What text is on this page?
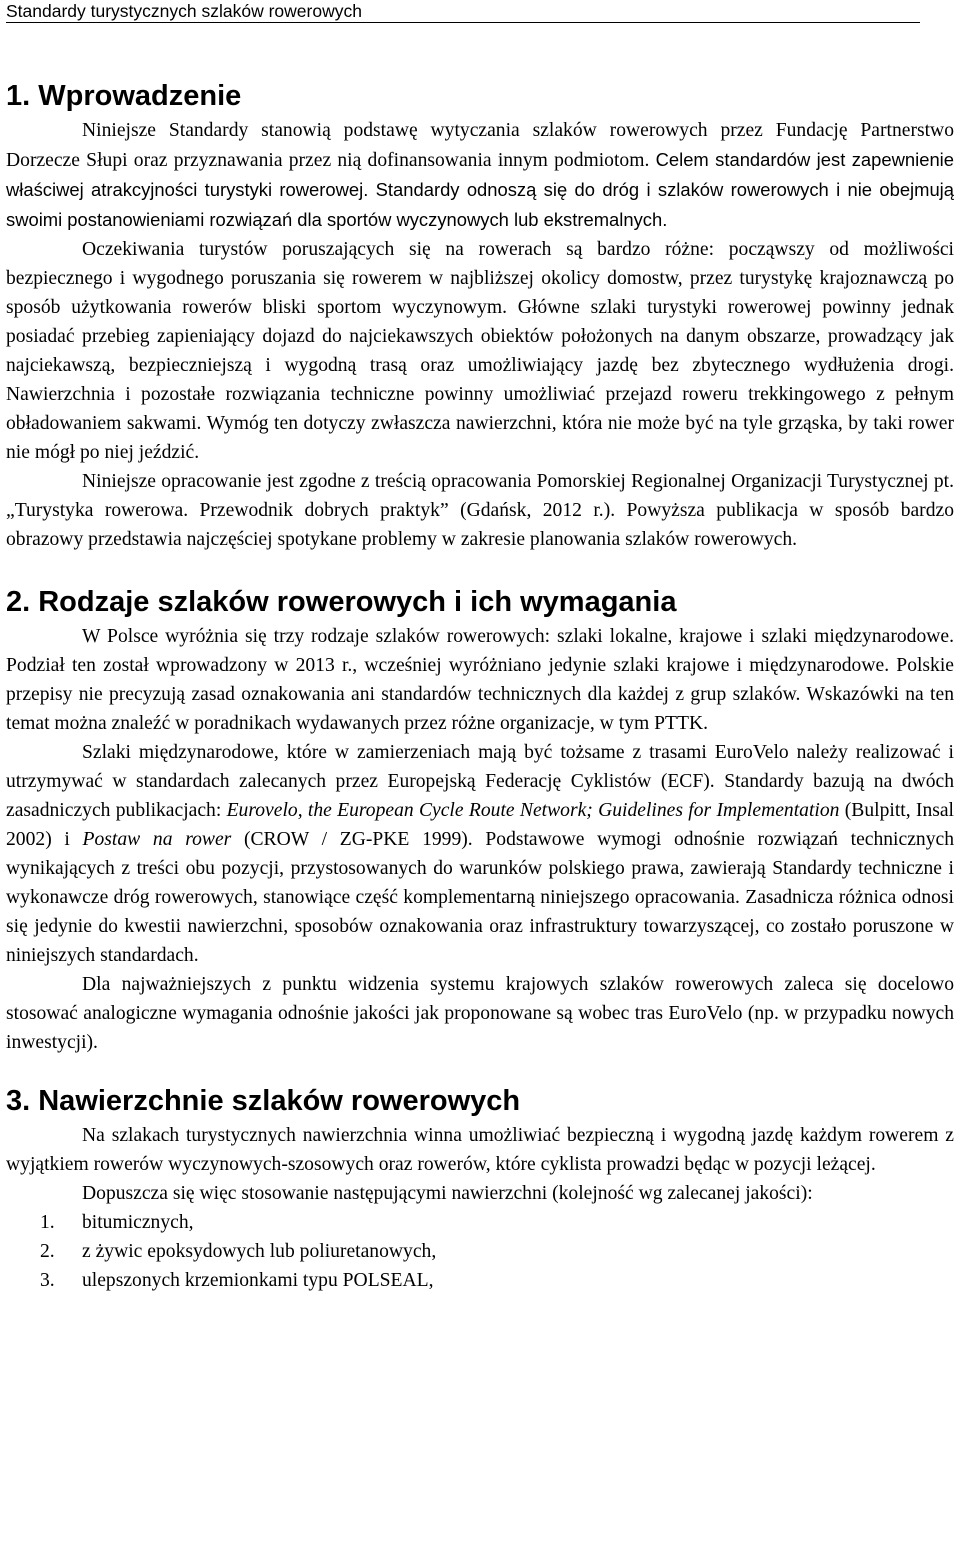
Standardy turystycznych szlaków rowerowych
1. Wprowadzenie

Niniejsze Standardy stanowią podstawę wytyczania szlaków rowerowych przez Fundację Partnerstwo Dorzecze Słupi oraz przyznawania przez nią dofinansowania innym podmiotom. Celem standardów jest zapewnienie właściwej atrakcyjności turystyki rowerowej. Standardy odnoszą się do dróg i szlaków rowerowych i nie obejmują swoimi postanowieniami rozwiązań dla sportów wyczynowych lub ekstremalnych.

Oczekiwania turystów poruszających się na rowerach są bardzo różne: począwszy od możliwości bezpiecznego i wygodnego poruszania się rowerem w najbliższej okolicy domostw, przez turystykę krajoznawczą po sposób użytkowania rowerów bliski sportom wyczynowym. Główne szlaki turystyki rowerowej powinny jednak posiadać przebieg zapieniający dojazd do najciekawszych obiektów położonych na danym obszarze, prowadzący jak najciekawszą, bezpieczniejszą i wygodną trasą oraz umożliwiający jazdę bez zbytecznego wydłużenia drogi. Nawierzchnia i pozostałe rozwiązania techniczne powinny umożliwiać przejazd roweru trekkingowego z pełnym obładowaniem sakwami. Wymóg ten dotyczy zwłaszcza nawierzchni, która nie może być na tyle grząska, by taki rower nie mógł po niej jeździć.

Niniejsze opracowanie jest zgodne z treścią opracowania Pomorskiej Regionalnej Organizacji Turystycznej pt. „Turystyka rowerowa. Przewodnik dobrych praktyk” (Gdańsk, 2012 r.). Powyższa publikacja w sposób bardzo obrazowy przedstawia najczęściej spotykane problemy w zakresie planowania szlaków rowerowych.

2. Rodzaje szlaków rowerowych i ich wymagania

W Polsce wyróżnia się trzy rodzaje szlaków rowerowych: szlaki lokalne, krajowe i szlaki międzynarodowe. Podział ten został wprowadzony w 2013 r., wcześniej wyróżniano jedynie szlaki krajowe i międzynarodowe. Polskie przepisy nie precyzują zasad oznakowania ani standardów technicznych dla każdej z grup szlaków. Wskazówki na ten temat można znaleźć w poradnikach wydawanych przez różne organizacje, w tym PTTK.

Szlaki międzynarodowe, które w zamierzeniach mają być tożsame z trasami EuroVelo należy realizować i utrzymywać w standardach zalecanych przez Europejską Federację Cyklistów (ECF). Standardy bazują na dwóch zasadniczych publikacjach: Eurovelo, the European Cycle Route Network; Guidelines for Implementation (Bulpitt, Insal 2002) i Postaw na rower (CROW / ZG-PKE 1999). Podstawowe wymogi odnośnie rozwiązań technicznych wynikających z treści obu pozycji, przystosowanych do warunków polskiego prawa, zawierają Standardy techniczne i wykonawcze dróg rowerowych, stanowiące część komplementarną niniejszego opracowania. Zasadnicza różnica odnosi się jedynie do kwestii nawierzchni, sposobów oznakowania oraz infrastruktury towarzyszącej, co zostało poruszone w niniejszych standardach.

Dla najważniejszych z punktu widzenia systemu krajowych szlaków rowerowych zaleca się docelowo stosować analogiczne wymagania odnośnie jakości jak proponowane są wobec tras EuroVelo (np. w przypadku nowych inwestycji).

3. Nawierzchnie szlaków rowerowych

Na szlakach turystycznych nawierzchnia winna umożliwiać bezpieczną i wygodną jazdę każdym rowerem z wyjątkiem rowerów wyczynowych-szosowych oraz rowerów, które cyklista prowadzi będąc w pozycji leżącej.

Dopuszcza się więc stosowanie następującymi nawierzchni (kolejność wg zalecanej jakości):

1.	bitumicznych,
2.	z żywic epoksydowych lub poliuretanowych,
3.	ulepszonych krzemionkami typu POLSEAL,
